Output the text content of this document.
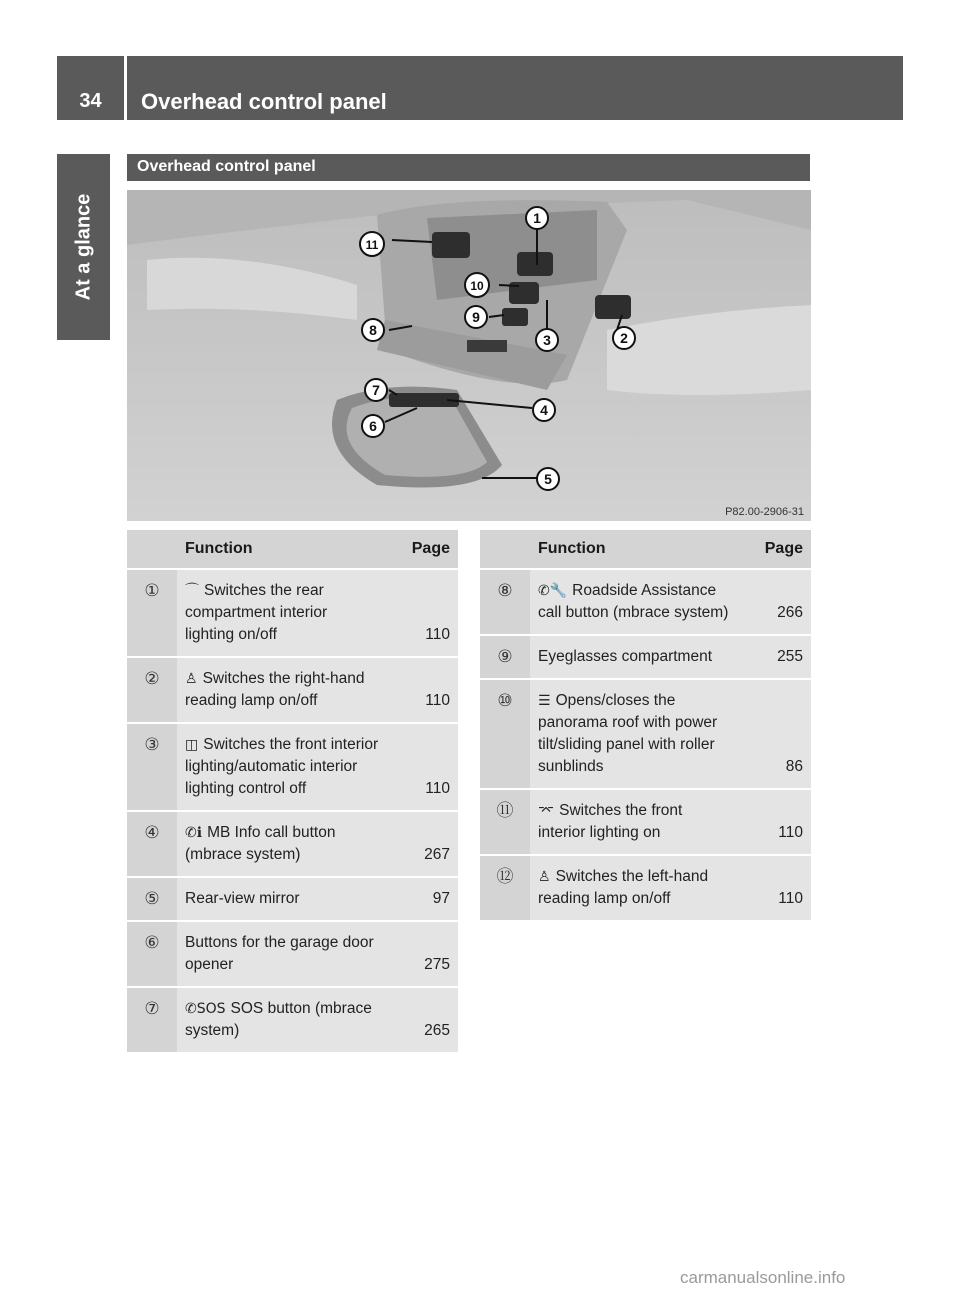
34	Overhead control panel
At a glance
Overhead control panel
1
2
3
4
5
6
7
8
9
10
11
P82.00-2906-31
	Function	Page
①	⌒ Switches the rear compartment interior lighting on/off	110
②	♙ Switches the right-hand reading lamp on/off	110
③	◫ Switches the front interior lighting/automatic interior lighting control off	110
④	✆ℹ MB Info call button (mbrace system)	267
⑤	Rear-view mirror	97
⑥	Buttons for the garage door opener	275
⑦	✆SOS SOS button (mbrace system)	265
	Function	Page
⑧	✆🔧 Roadside Assistance call button (mbrace system)	266
⑨	Eyeglasses compartment	255
⑩	☰ Opens/closes the panorama roof with power tilt/sliding panel with roller sunblinds	86
⑪	⌤ Switches the front interior lighting on	110
⑫	♙ Switches the left-hand reading lamp on/off	110
carmanualsonline.info
